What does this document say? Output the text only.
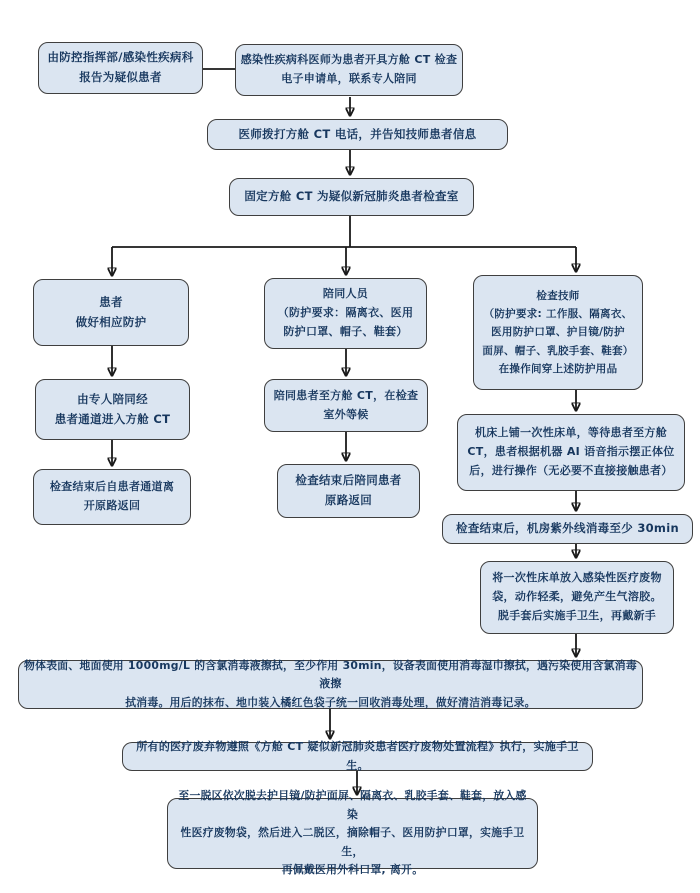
由防控指挥部/感染性疾病科
报告为疑似患者
感染性疾病科医师为患者开具方舱 CT 检查
电子申请单，联系专人陪同
医师拨打方舱 CT 电话，并告知技师患者信息
固定方舱 CT 为疑似新冠肺炎患者检查室
患者
做好相应防护
由专人陪同经
患者通道进入方舱 CT
检查结束后自患者通道离
开原路返回
陪同人员
（防护要求：隔离衣、医用
防护口罩、帽子、鞋套）
陪同患者至方舱 CT，在检查
室外等候
检查结束后陪同患者
原路返回
检查技师
（防护要求: 工作服、隔离衣、
医用防护口罩、护目镜/防护
面屏、帽子、乳胶手套、鞋套）
在操作间穿上述防护用品
机床上铺一次性床单，等待患者至方舱
CT，患者根据机器 AI 语音指示摆正体位
后，进行操作（无必要不直接接触患者）
检查结束后，机房紫外线消毒至少 30min
将一次性床单放入感染性医疗废物
袋，动作轻柔，避免产生气溶胶。
脱手套后实施手卫生，再戴新手
物体表面、地面使用 1000mg/L 的含氯消毒液擦拭，至少作用 30min，设备表面使用消毒湿巾擦拭，遇污染使用含氯消毒液擦
拭消毒。用后的抹布、地巾装入橘红色袋子统一回收消毒处理，做好清洁消毒记录。
所有的医疗废弃物遵照《方舱 CT 疑似新冠肺炎患者医疗废物处置流程》执行，实施手卫生。
至一脱区依次脱去护目镜/防护面屏、隔离衣、乳胶手套、鞋套，放入感染
性医疗废物袋，然后进入二脱区，摘除帽子、医用防护口罩，实施手卫生，
再佩戴医用外科口罩, 离开。
